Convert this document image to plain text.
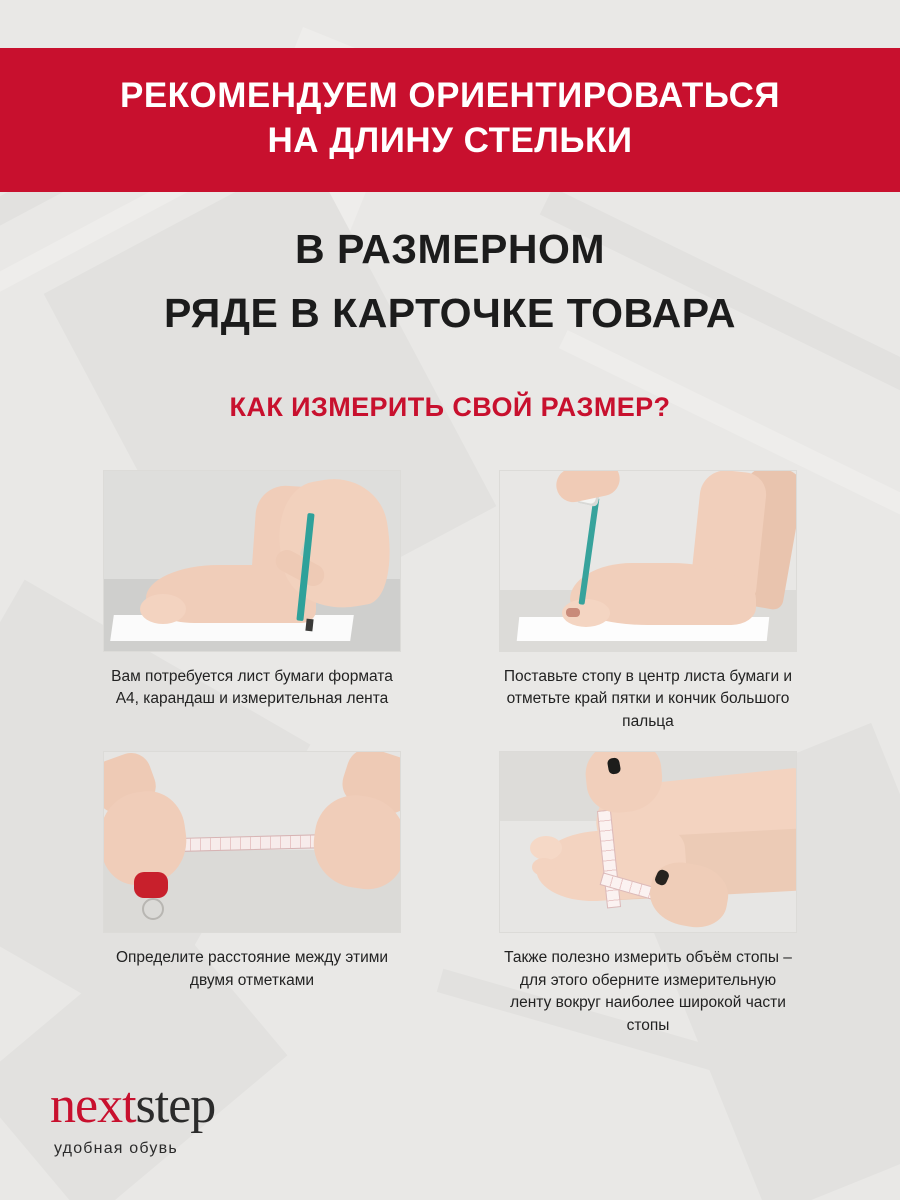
РЕКОМЕНДУЕМ ОРИЕНТИРОВАТЬСЯ
НА ДЛИНУ СТЕЛЬКИ
В РАЗМЕРНОМ
РЯДЕ В КАРТОЧКЕ ТОВАРА
КАК ИЗМЕРИТЬ СВОЙ РАЗМЕР?
Вам потребуется лист бумаги формата А4, карандаш и измерительная лента
Поставьте стопу в центр листа бумаги и отметьте край пятки и кончик большого пальца
Определите расстояние между этими двумя отметками
Также полезно измерить объём стопы – для этого оберните измерительную ленту вокруг наиболее широкой части стопы
next step
удобная обувь
